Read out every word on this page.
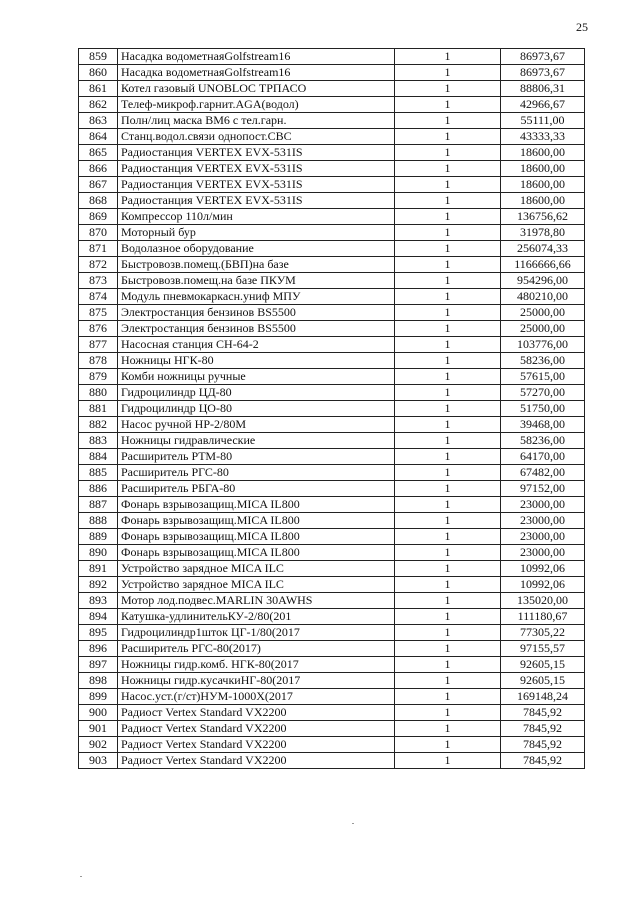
25
859	Насадка водометнаяGolfstream16	1	86973,67
860	Насадка водометнаяGolfstream16	1	86973,67
861	Котел газовый UNOBLOC ТРПАСО	1	88806,31
862	Телеф-микроф.гарнит.AGA(водол)	1	42966,67
863	Полн/лиц маска ВМ6 с тел.гарн.	1	55111,00
864	Станц.водол.связи однопост.СВС	1	43333,33
865	Радиостанция VERTEX EVX-531IS	1	18600,00
866	Радиостанция VERTEX EVX-531IS	1	18600,00
867	Радиостанция VERTEX EVX-531IS	1	18600,00
868	Радиостанция VERTEX EVX-531IS	1	18600,00
869	Компрессор 110л/мин	1	136756,62
870	Моторный бур	1	31978,80
871	Водолазное оборудование	1	256074,33
872	Быстровозв.помещ.(БВП)на базе	1	1166666,66
873	Быстровозв.помещ.на базе ПКУМ	1	954296,00
874	Модуль пневмокаркасн.униф МПУ	1	480210,00
875	Электростанция бензинов BS5500	1	25000,00
876	Электростанция бензинов BS5500	1	25000,00
877	Насосная станция СН-64-2	1	103776,00
878	Ножницы НГК-80	1	58236,00
879	Комби ножницы ручные	1	57615,00
880	Гидроцилиндр ЦД-80	1	57270,00
881	Гидроцилиндр ЦО-80	1	51750,00
882	Насос ручной НР-2/80М	1	39468,00
883	Ножницы гидравлические	1	58236,00
884	Расширитель РТМ-80	1	64170,00
885	Расширитель РГС-80	1	67482,00
886	Расширитель РБГА-80	1	97152,00
887	Фонарь взрывозащищ.MICA IL800	1	23000,00
888	Фонарь взрывозащищ.MICA IL800	1	23000,00
889	Фонарь взрывозащищ.MICA IL800	1	23000,00
890	Фонарь взрывозащищ.MICA IL800	1	23000,00
891	Устройство зарядное MICA ILC	1	10992,06
892	Устройство зарядное MICA ILC	1	10992,06
893	Мотор лод.подвес.MARLIN 30AWHS	1	135020,00
894	Катушка-удлинительКУ-2/80(201	1	111180,67
895	Гидроцилиндр1шток ЦГ-1/80(2017	1	77305,22
896	Расширитель РГС-80(2017)	1	97155,57
897	Ножницы гидр.комб. НГК-80(2017	1	92605,15
898	Ножницы гидр.кусачкиНГ-80(2017	1	92605,15
899	Насос.уст.(г/ст)НУМ-1000Х(2017	1	169148,24
900	Радиост Vertex Standard VX2200	1	7845,92
901	Радиост Vertex Standard VX2200	1	7845,92
902	Радиост Vertex Standard VX2200	1	7845,92
903	Радиост Vertex Standard VX2200	1	7845,92
